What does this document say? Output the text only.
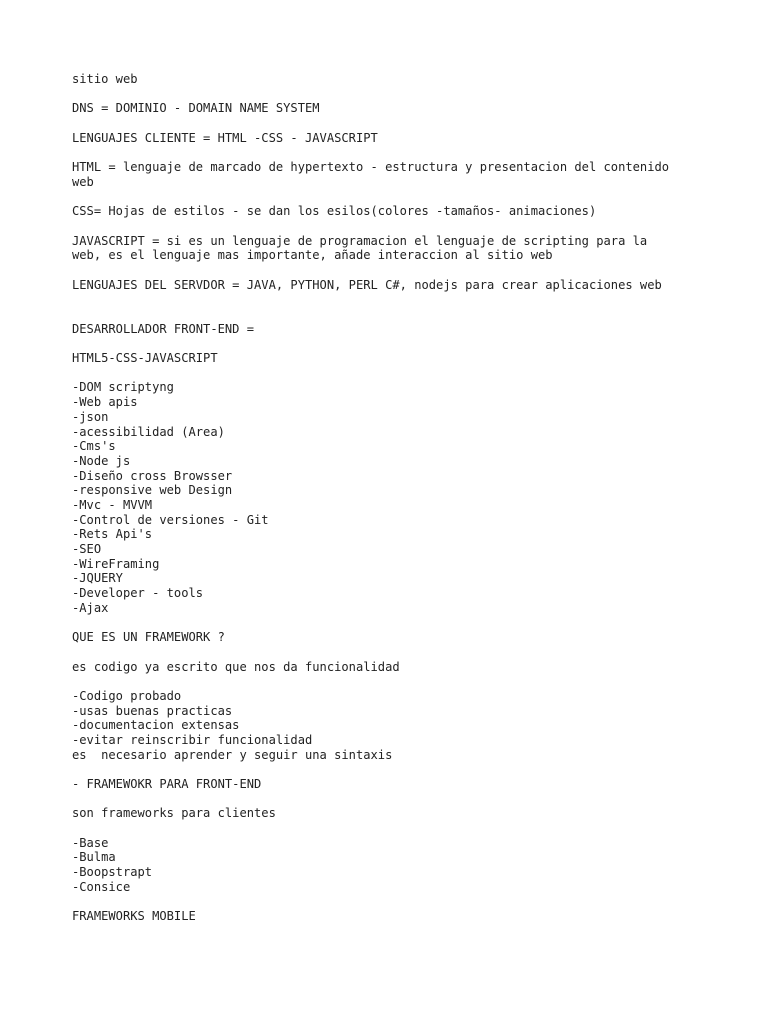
sitio web
DNS = DOMINIO - DOMAIN NAME SYSTEM
LENGUAJES CLIENTE = HTML -CSS - JAVASCRIPT
HTML = lenguaje de marcado de hypertexto - estructura y presentacion del contenido
web
CSS= Hojas de estilos - se dan los esilos(colores -tamaños- animaciones)
JAVASCRIPT = si es un lenguaje de programacion el lenguaje de scripting para la
web, es el lenguaje mas importante, añade interaccion al sitio web
LENGUAJES DEL SERVDOR = JAVA, PYTHON, PERL C#, nodejs para crear aplicaciones web
DESARROLLADOR FRONT-END =
HTML5-CSS-JAVASCRIPT
-DOM scriptyng
-Web apis
-json
-acessibilidad (Area)
-Cms's
-Node js
-Diseño cross Browsser
-responsive web Design
-Mvc - MVVM
-Control de versiones - Git
-Rets Api's
-SEO
-WireFraming
-JQUERY
-Developer - tools
-Ajax
QUE ES UN FRAMEWORK ?
es codigo ya escrito que nos da funcionalidad
-Codigo probado
-usas buenas practicas
-documentacion extensas
-evitar reinscribir funcionalidad
es  necesario aprender y seguir una sintaxis
- FRAMEWOKR PARA FRONT-END
son frameworks para clientes
-Base
-Bulma
-Boopstrapt
-Consice
FRAMEWORKS MOBILE
